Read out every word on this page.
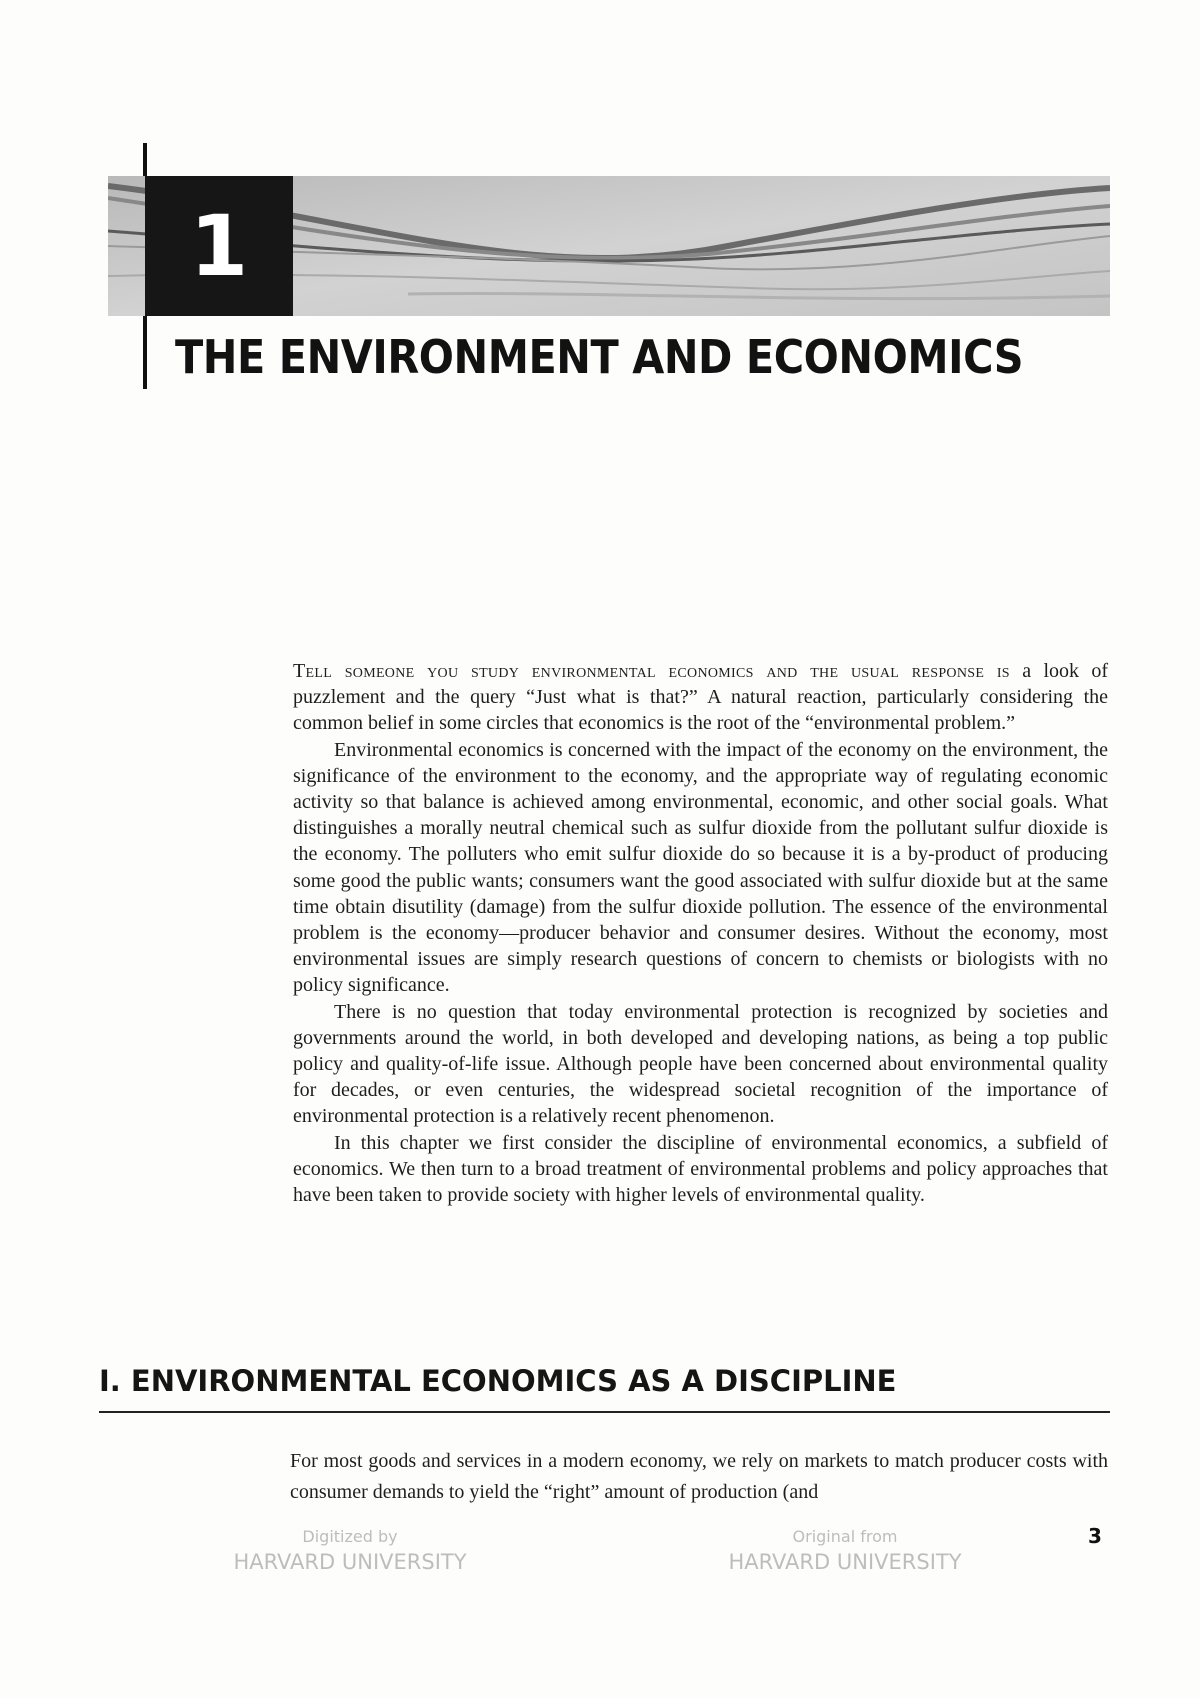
1
THE ENVIRONMENT AND ECONOMICS

Tell someone you study environmental economics and the usual response is a look of puzzlement and the query “Just what is that?” A natural reaction, particularly considering the common belief in some circles that economics is the root of the “environmental problem.”

Environmental economics is concerned with the impact of the economy on the environment, the significance of the environment to the economy, and the appropriate way of regulating economic activity so that balance is achieved among environmental, economic, and other social goals. What distinguishes a morally neutral chemical such as sulfur dioxide from the pollutant sulfur dioxide is the economy. The polluters who emit sulfur dioxide do so because it is a by-product of producing some good the public wants; consumers want the good associated with sulfur dioxide but at the same time obtain disutility (damage) from the sulfur dioxide pollution. The essence of the environmental problem is the economy—producer behavior and consumer desires. Without the economy, most environmental issues are simply research questions of concern to chemists or biologists with no policy significance.

There is no question that today environmental protection is recognized by societies and governments around the world, in both developed and developing nations, as being a top public policy and quality-of-life issue. Although people have been concerned about environmental quality for decades, or even centuries, the widespread societal recognition of the importance of environmental protection is a relatively recent phenomenon.

In this chapter we first consider the discipline of environmental economics, a subfield of economics. We then turn to a broad treatment of environmental problems and policy approaches that have been taken to provide society with higher levels of environmental quality.

I. ENVIRONMENTAL ECONOMICS AS A DISCIPLINE

For most goods and services in a modern economy, we rely on markets to match producer costs with consumer demands to yield the “right” amount of production (and

Digitized by
HARVARD UNIVERSITY
Original from
HARVARD UNIVERSITY
3
